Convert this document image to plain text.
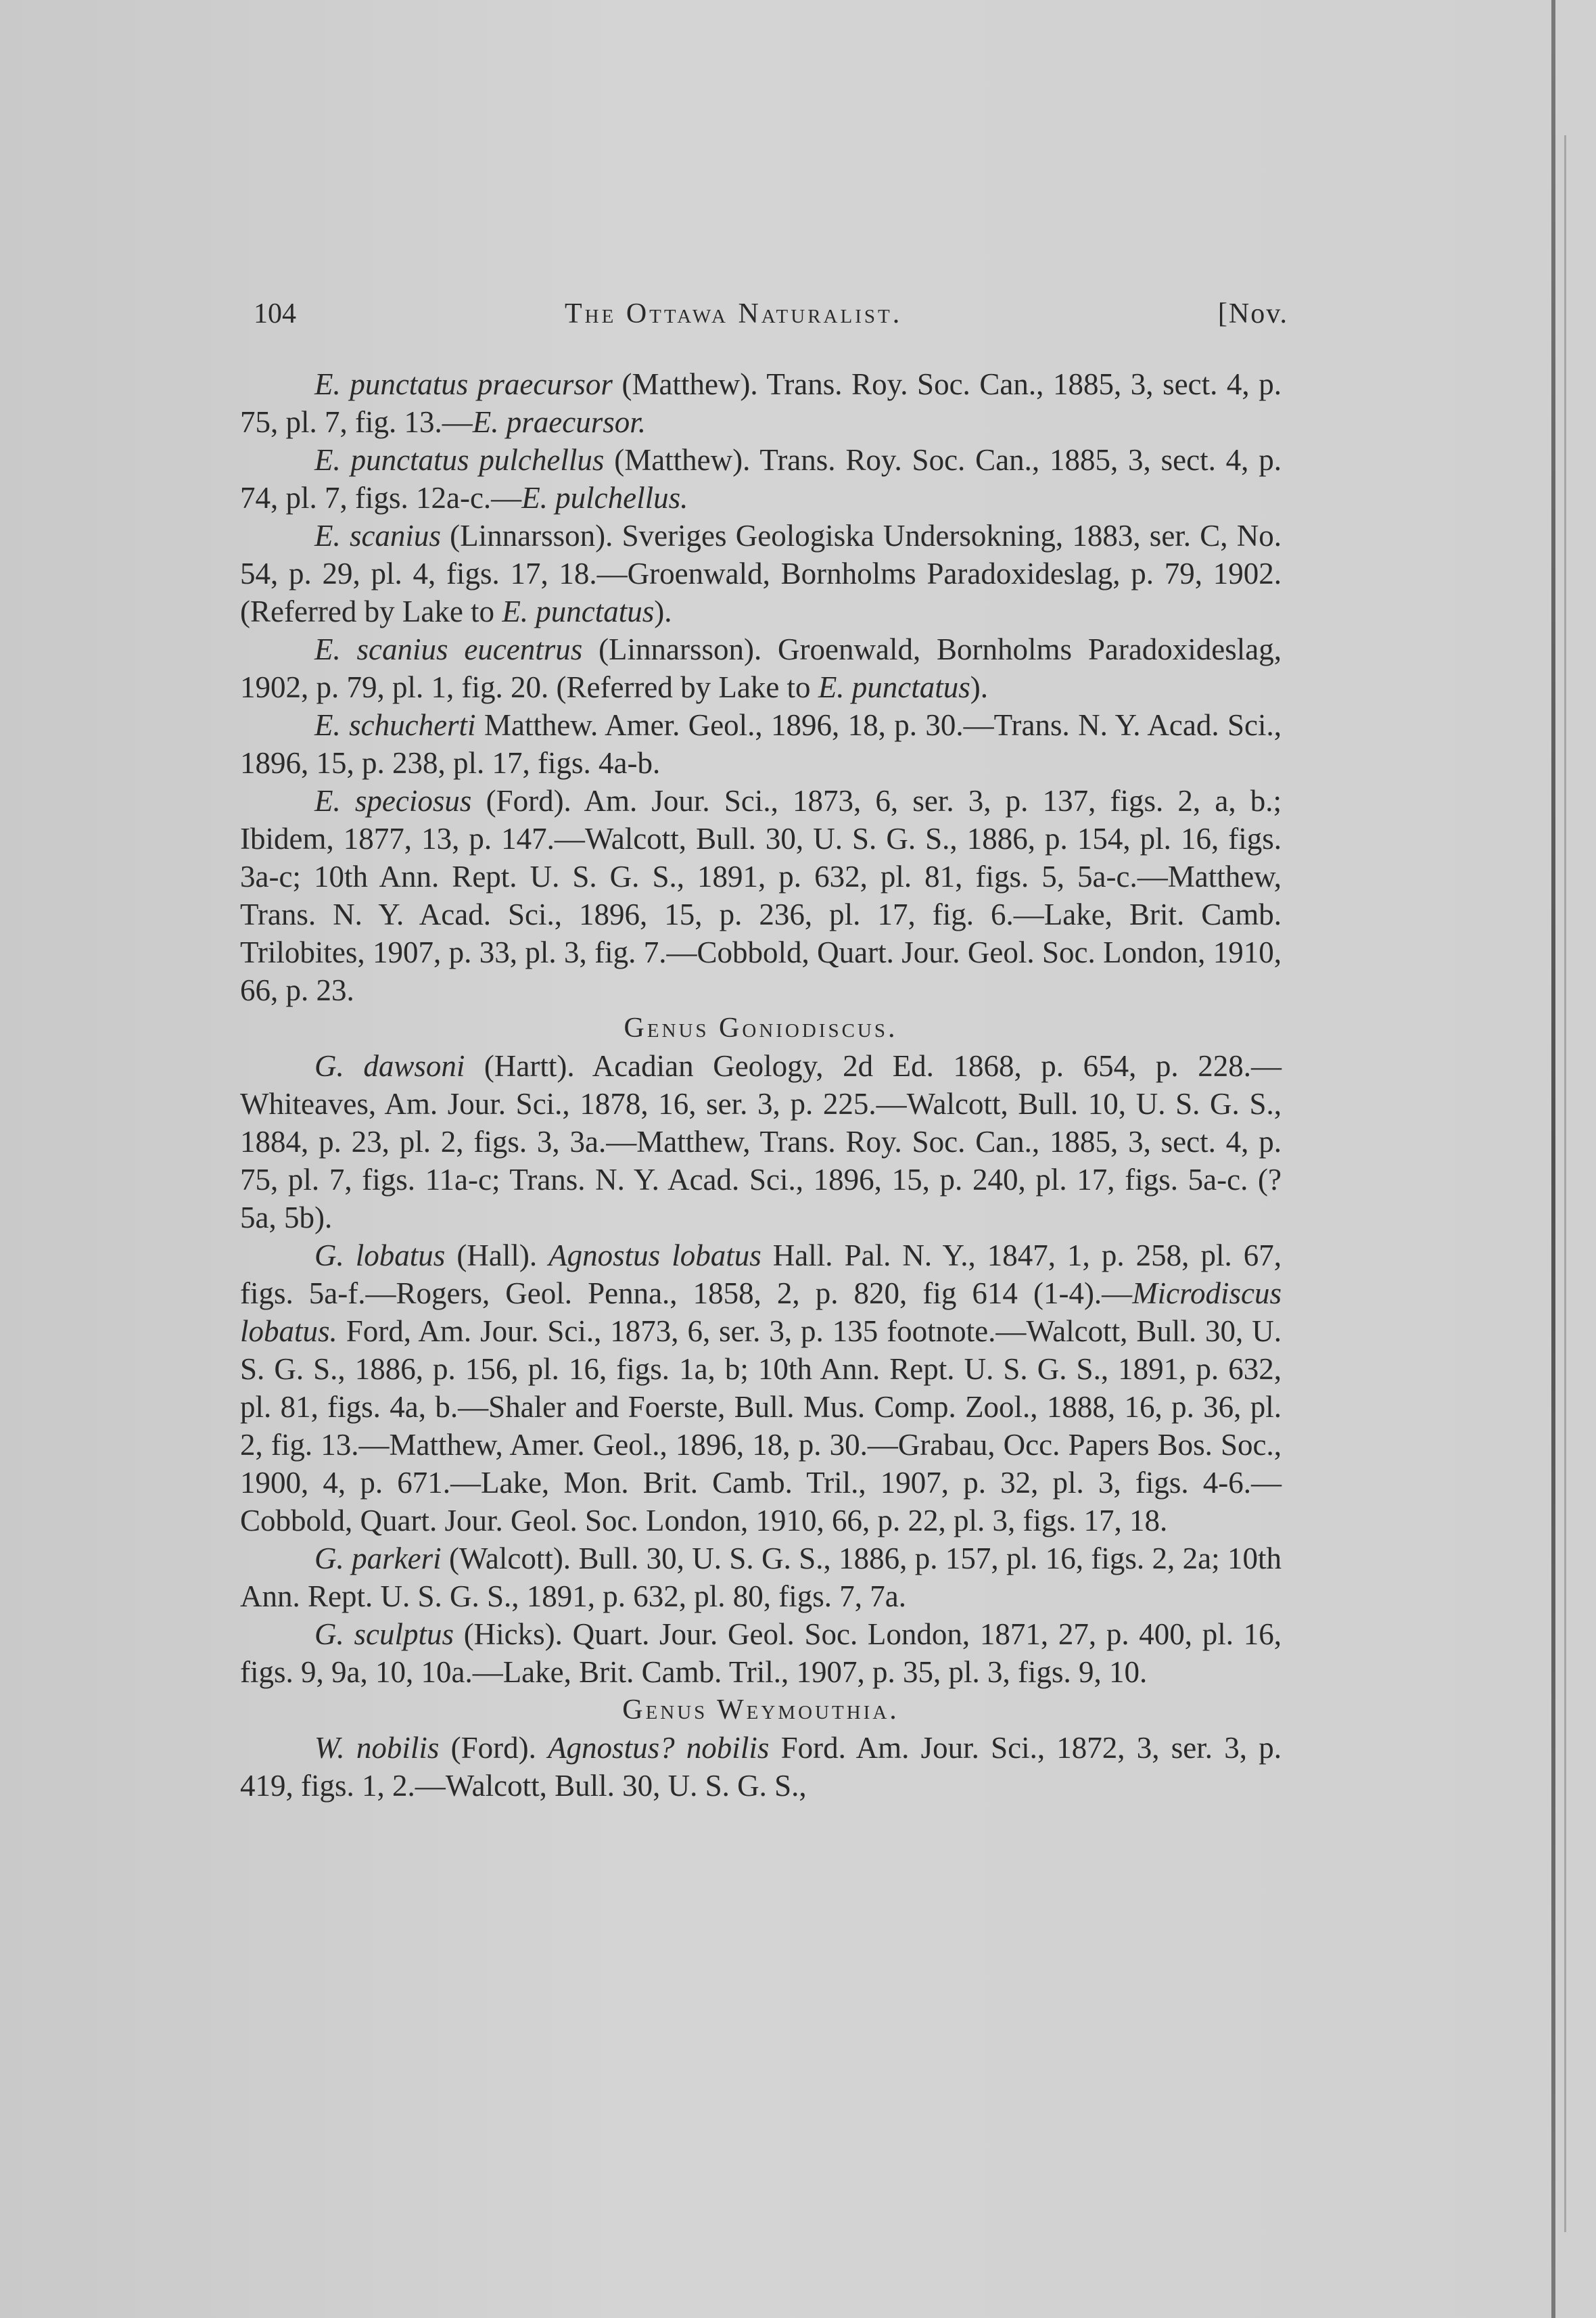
104	The Ottawa Naturalist.	[Nov.

E. punctatus praecursor (Matthew). Trans. Roy. Soc. Can., 1885, 3, sect. 4, p. 75, pl. 7, fig. 13.—E. praecursor.

E. punctatus pulchellus (Matthew). Trans. Roy. Soc. Can., 1885, 3, sect. 4, p. 74, pl. 7, figs. 12a-c.—E. pulchellus.

E. scanius (Linnarsson). Sveriges Geologiska Undersokning, 1883, ser. C, No. 54, p. 29, pl. 4, figs. 17, 18.—Groenwald, Bornholms Paradoxideslag, p. 79, 1902. (Referred by Lake to E. punctatus).

E. scanius eucentrus (Linnarsson). Groenwald, Bornholms Paradoxideslag, 1902, p. 79, pl. 1, fig. 20. (Referred by Lake to E. punctatus).

E. schucherti Matthew. Amer. Geol., 1896, 18, p. 30.—Trans. N. Y. Acad. Sci., 1896, 15, p. 238, pl. 17, figs. 4a-b.

E. speciosus (Ford). Am. Jour. Sci., 1873, 6, ser. 3, p. 137, figs. 2, a, b.; Ibidem, 1877, 13, p. 147.—Walcott, Bull. 30, U. S. G. S., 1886, p. 154, pl. 16, figs. 3a-c; 10th Ann. Rept. U. S. G. S., 1891, p. 632, pl. 81, figs. 5, 5a-c.—Matthew, Trans. N. Y. Acad. Sci., 1896, 15, p. 236, pl. 17, fig. 6.—Lake, Brit. Camb. Trilobites, 1907, p. 33, pl. 3, fig. 7.—Cobbold, Quart. Jour. Geol. Soc. London, 1910, 66, p. 23.

Genus Goniodiscus.

G. dawsoni (Hartt). Acadian Geology, 2d Ed. 1868, p. 654, p. 228.—Whiteaves, Am. Jour. Sci., 1878, 16, ser. 3, p. 225.—Walcott, Bull. 10, U. S. G. S., 1884, p. 23, pl. 2, figs. 3, 3a.—Matthew, Trans. Roy. Soc. Can., 1885, 3, sect. 4, p. 75, pl. 7, figs. 11a-c; Trans. N. Y. Acad. Sci., 1896, 15, p. 240, pl. 17, figs. 5a-c. (? 5a, 5b).

G. lobatus (Hall). Agnostus lobatus Hall. Pal. N. Y., 1847, 1, p. 258, pl. 67, figs. 5a-f.—Rogers, Geol. Penna., 1858, 2, p. 820, fig 614 (1-4).—Microdiscus lobatus. Ford, Am. Jour. Sci., 1873, 6, ser. 3, p. 135 footnote.—Walcott, Bull. 30, U. S. G. S., 1886, p. 156, pl. 16, figs. 1a, b; 10th Ann. Rept. U. S. G. S., 1891, p. 632, pl. 81, figs. 4a, b.—Shaler and Foerste, Bull. Mus. Comp. Zool., 1888, 16, p. 36, pl. 2, fig. 13.—Matthew, Amer. Geol., 1896, 18, p. 30.—Grabau, Occ. Papers Bos. Soc., 1900, 4, p. 671.—Lake, Mon. Brit. Camb. Tril., 1907, p. 32, pl. 3, figs. 4-6.—Cobbold, Quart. Jour. Geol. Soc. London, 1910, 66, p. 22, pl. 3, figs. 17, 18.

G. parkeri (Walcott). Bull. 30, U. S. G. S., 1886, p. 157, pl. 16, figs. 2, 2a; 10th Ann. Rept. U. S. G. S., 1891, p. 632, pl. 80, figs. 7, 7a.

G. sculptus (Hicks). Quart. Jour. Geol. Soc. London, 1871, 27, p. 400, pl. 16, figs. 9, 9a, 10, 10a.—Lake, Brit. Camb. Tril., 1907, p. 35, pl. 3, figs. 9, 10.

Genus Weymouthia.

W. nobilis (Ford). Agnostus? nobilis Ford. Am. Jour. Sci., 1872, 3, ser. 3, p. 419, figs. 1, 2.—Walcott, Bull. 30, U. S. G. S.,
